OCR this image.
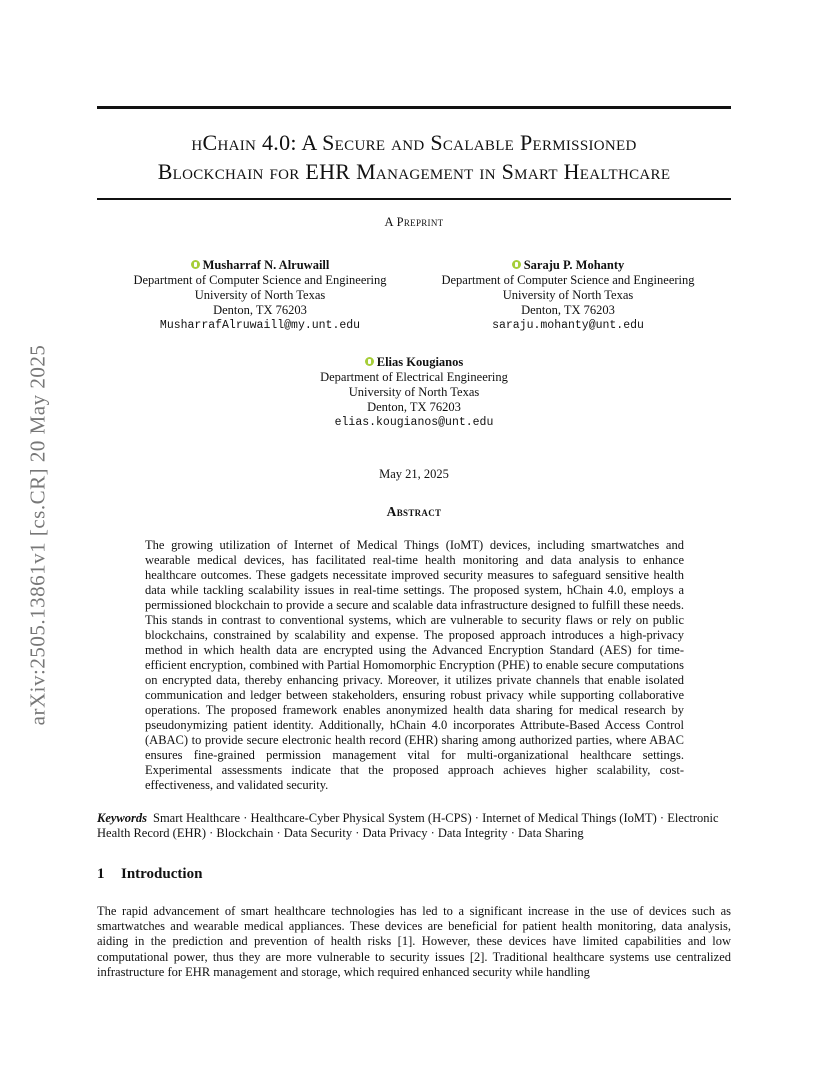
arXiv:2505.13861v1 [cs.CR] 20 May 2025
hChain 4.0: A Secure and Scalable Permissioned
Blockchain for EHR Management in Smart Healthcare
A Preprint
Musharraf N. Alruwaill
Department of Computer Science and Engineering
University of North Texas
Denton, TX 76203
MusharrafAlruwaill@my.unt.edu
Saraju P. Mohanty
Department of Computer Science and Engineering
University of North Texas
Denton, TX 76203
saraju.mohanty@unt.edu
Elias Kougianos
Department of Electrical Engineering
University of North Texas
Denton, TX 76203
elias.kougianos@unt.edu
May 21, 2025
Abstract
The growing utilization of Internet of Medical Things (IoMT) devices, including smartwatches and wearable medical devices, has facilitated real-time health monitoring and data analysis to enhance healthcare outcomes. These gadgets necessitate improved security measures to safeguard sensitive health data while tackling scalability issues in real-time settings. The proposed system, hChain 4.0, employs a permissioned blockchain to provide a secure and scalable data infrastructure designed to fulfill these needs. This stands in contrast to conventional systems, which are vulnerable to security flaws or rely on public blockchains, constrained by scalability and expense. The proposed approach introduces a high-privacy method in which health data are encrypted using the Advanced Encryption Standard (AES) for time-efficient encryption, combined with Partial Homomorphic Encryption (PHE) to enable secure computations on encrypted data, thereby enhancing privacy. Moreover, it utilizes private channels that enable isolated communication and ledger between stakeholders, ensuring robust privacy while supporting collaborative operations. The proposed framework enables anonymized health data sharing for medical research by pseudonymizing patient identity. Additionally, hChain 4.0 incorporates Attribute-Based Access Control (ABAC) to provide secure electronic health record (EHR) sharing among authorized parties, where ABAC ensures fine-grained permission management vital for multi-organizational healthcare settings. Experimental assessments indicate that the proposed approach achieves higher scalability, cost-effectiveness, and validated security.
Keywords Smart Healthcare · Healthcare-Cyber Physical System (H-CPS) · Internet of Medical Things (IoMT) · Electronic Health Record (EHR) · Blockchain · Data Security · Data Privacy · Data Integrity · Data Sharing
1 Introduction
The rapid advancement of smart healthcare technologies has led to a significant increase in the use of devices such as smartwatches and wearable medical appliances. These devices are beneficial for patient health monitoring, data analysis, aiding in the prediction and prevention of health risks [1]. However, these devices have limited capabilities and low computational power, thus they are more vulnerable to security issues [2]. Traditional healthcare systems use centralized infrastructure for EHR management and storage, which required enhanced security while handling
